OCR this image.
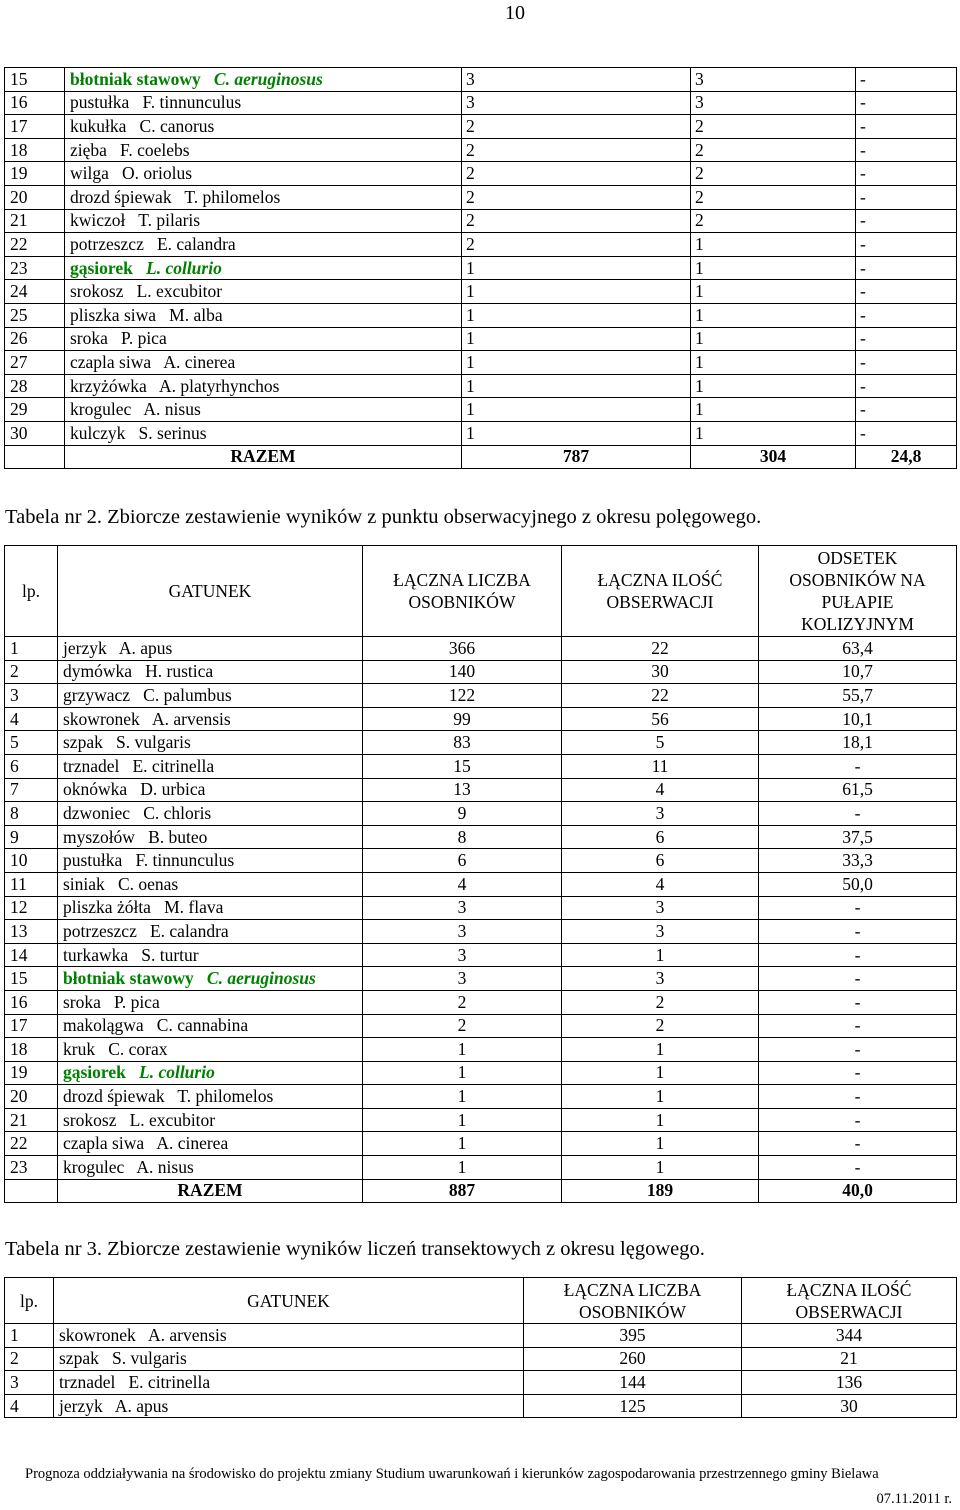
10
15	błotniak stawowy C. aeruginosus	3	3	-
16	pustułka F. tinnunculus	3	3	-
17	kukułka C. canorus	2	2	-
18	zięba F. coelebs	2	2	-
19	wilga O. oriolus	2	2	-
20	drozd śpiewak T. philomelos	2	2	-
21	kwiczoł T. pilaris	2	2	-
22	potrzeszcz E. calandra	2	1	-
23	gąsiorek L. collurio	1	1	-
24	srokosz L. excubitor	1	1	-
25	pliszka siwa M. alba	1	1	-
26	sroka P. pica	1	1	-
27	czapla siwa A. cinerea	1	1	-
28	krzyżówka A. platyrhynchos	1	1	-
29	krogulec A. nisus	1	1	-
30	kulczyk S. serinus	1	1	-
	RAZEM	787	304	24,8
Tabela nr 2. Zbiorcze zestawienie wyników z punktu obserwacyjnego z okresu polęgowego.
lp.	GATUNEK	ŁĄCZNA LICZBA OSOBNIKÓW	ŁĄCZNA ILOŚĆ OBSERWACJI	ODSETEK OSOBNIKÓW NA PUŁAPIE KOLIZYJNYM
1	jerzyk A. apus	366	22	63,4
2	dymówka H. rustica	140	30	10,7
3	grzywacz C. palumbus	122	22	55,7
4	skowronek A. arvensis	99	56	10,1
5	szpak S. vulgaris	83	5	18,1
6	trznadel E. citrinella	15	11	-
7	oknówka D. urbica	13	4	61,5
8	dzwoniec C. chloris	9	3	-
9	myszołów B. buteo	8	6	37,5
10	pustułka F. tinnunculus	6	6	33,3
11	siniak C. oenas	4	4	50,0
12	pliszka żółta M. flava	3	3	-
13	potrzeszcz E. calandra	3	3	-
14	turkawka S. turtur	3	1	-
15	błotniak stawowy C. aeruginosus	3	3	-
16	sroka P. pica	2	2	-
17	makolągwa C. cannabina	2	2	-
18	kruk C. corax	1	1	-
19	gąsiorek L. collurio	1	1	-
20	drozd śpiewak T. philomelos	1	1	-
21	srokosz L. excubitor	1	1	-
22	czapla siwa A. cinerea	1	1	-
23	krogulec A. nisus	1	1	-
	RAZEM	887	189	40,0
Tabela nr 3. Zbiorcze zestawienie wyników liczeń transektowych z okresu lęgowego.
lp.	GATUNEK	ŁĄCZNA LICZBA OSOBNIKÓW	ŁĄCZNA ILOŚĆ OBSERWACJI
1	skowronek A. arvensis	395	344
2	szpak S. vulgaris	260	21
3	trznadel E. citrinella	144	136
4	jerzyk A. apus	125	30
Prognoza oddziaływania na środowisko do projektu zmiany Studium uwarunkowań i kierunków zagospodarowania przestrzennego gminy Bielawa
07.11.2011 r.
